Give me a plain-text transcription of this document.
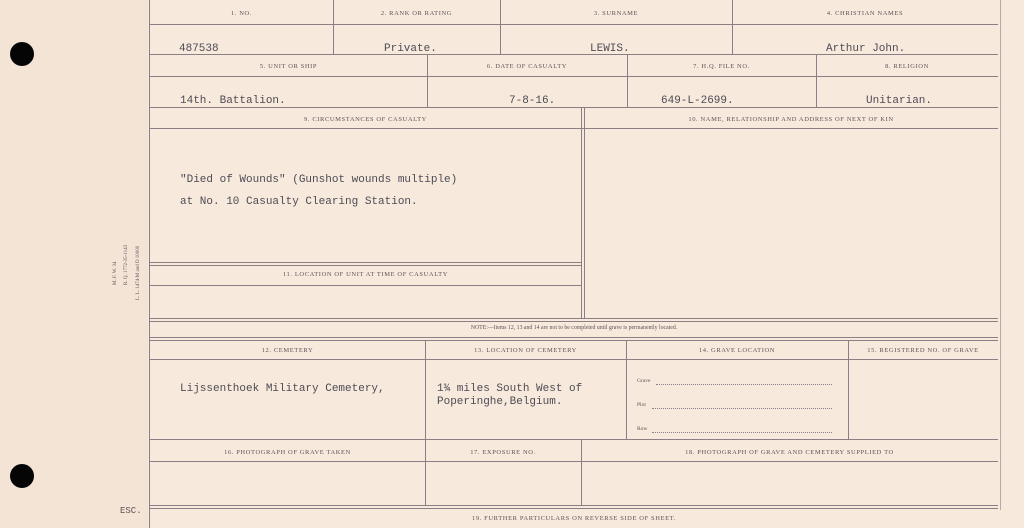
M. F. W. 34 R. Q. 1772-35-1143 L. L. 1474-M and D 10000
ESC.
1. NO.	2. RANK OR RATING	3. SURNAME	4. CHRISTIAN NAMES
487538	Private.	LEWIS.	Arthur John.
5. UNIT OR SHIP	6. DATE OF CASUALTY	7. H.Q. FILE NO.	8. RELIGION
14th. Battalion.	7-8-16.	649-L-2699.	Unitarian.
9. CIRCUMSTANCES OF CASUALTY	10. NAME, RELATIONSHIP AND ADDRESS OF NEXT OF KIN
"Died of Wounds" (Gunshot wounds multiple)
at No. 10 Casualty Clearing Station.
11. LOCATION OF UNIT AT TIME OF CASUALTY
NOTE:—Items 12, 13 and 14 are not to be completed until grave is permanently located.
12. CEMETERY	13. LOCATION OF CEMETERY	14. GRAVE LOCATION	15. REGISTERED NO. OF GRAVE
Lijssenthoek Military Cemetery,	1¾ miles South West of
Poperinghe,Belgium.
Grave
Plot
Row
16. PHOTOGRAPH OF GRAVE TAKEN	17. EXPOSURE NO.	18. PHOTOGRAPH OF GRAVE AND CEMETERY SUPPLIED TO
19. FURTHER PARTICULARS ON REVERSE SIDE OF SHEET.
